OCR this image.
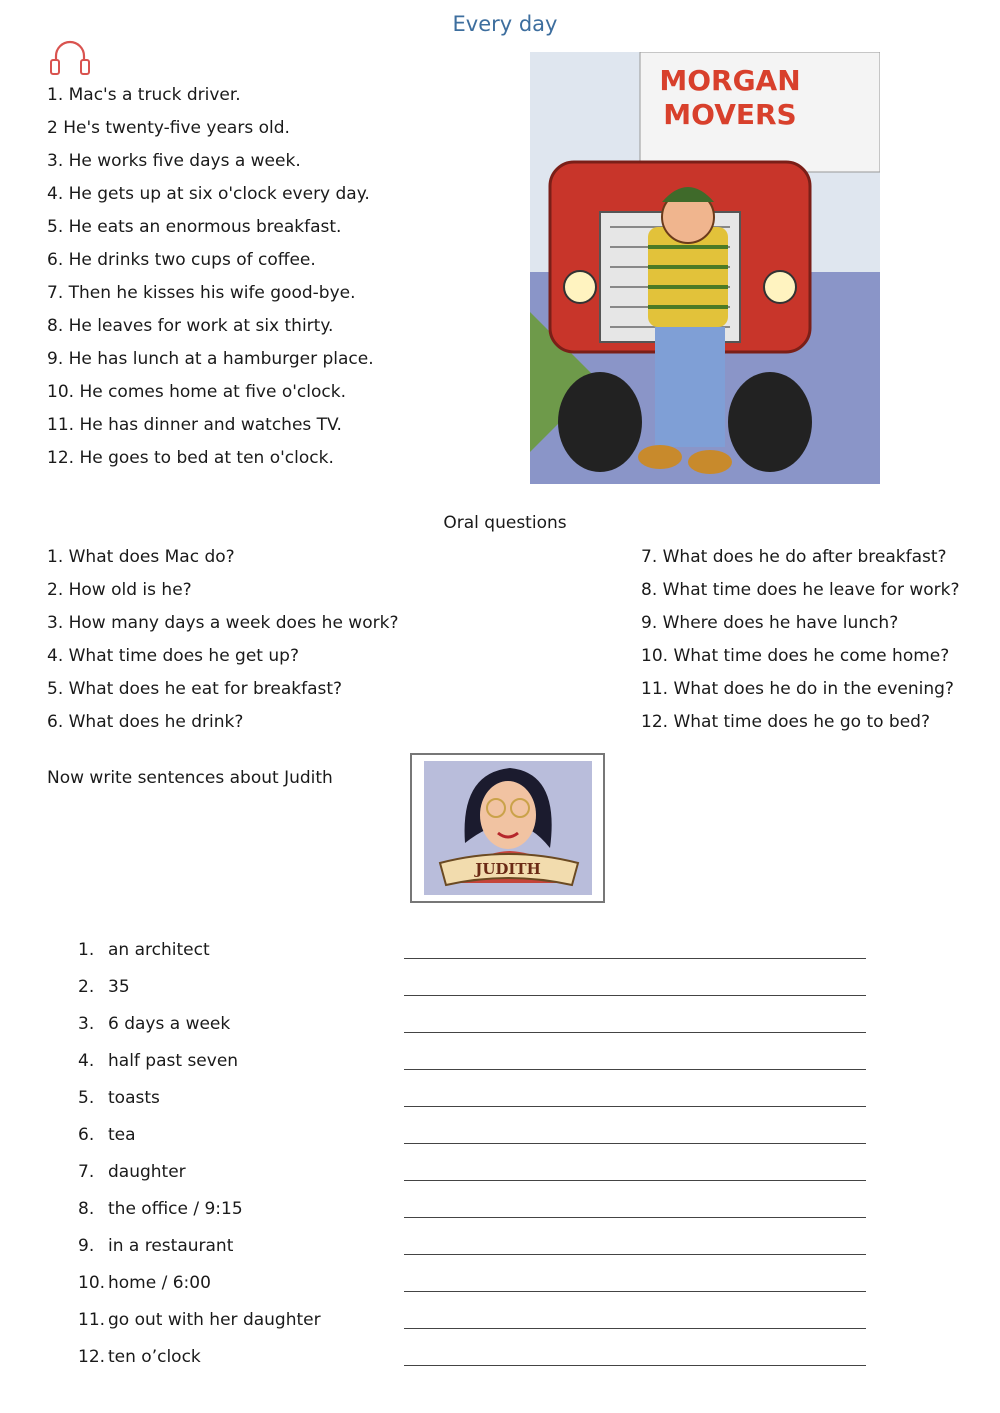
Every day
1. Mac's a truck driver.
2 He's twenty-five years old.
3. He works five days a week.
4. He gets up at six o'clock every day.
5. He eats an enormous breakfast.
6. He drinks two cups of coffee.
7. Then he kisses his wife good-bye.
8. He leaves for work at six thirty.
9. He has lunch at a hamburger place.
10. He comes home at five o'clock.
11. He has dinner and watches TV.
12. He goes to bed at ten o'clock.
MORGAN
MOVERS
Oral questions
1. What does Mac do?
2. How old is he?
3. How many days a week does he work?
4. What time does he get up?
5. What does he eat for breakfast?
6. What does he drink?
7. What does he do after breakfast?
8. What time does he leave for work?
9. Where does he have lunch?
10. What time does he come home?
11. What does he do in the evening?
12. What time does he go to bed?
Now write sentences about Judith
JUDITH
1. an architect
2. 35
3. 6 days a week
4. half past seven
5. toasts
6. tea
7. daughter
8. the office / 9:15
9. in a restaurant
10. home / 6:00
11. go out with her daughter
12. ten o’clock
